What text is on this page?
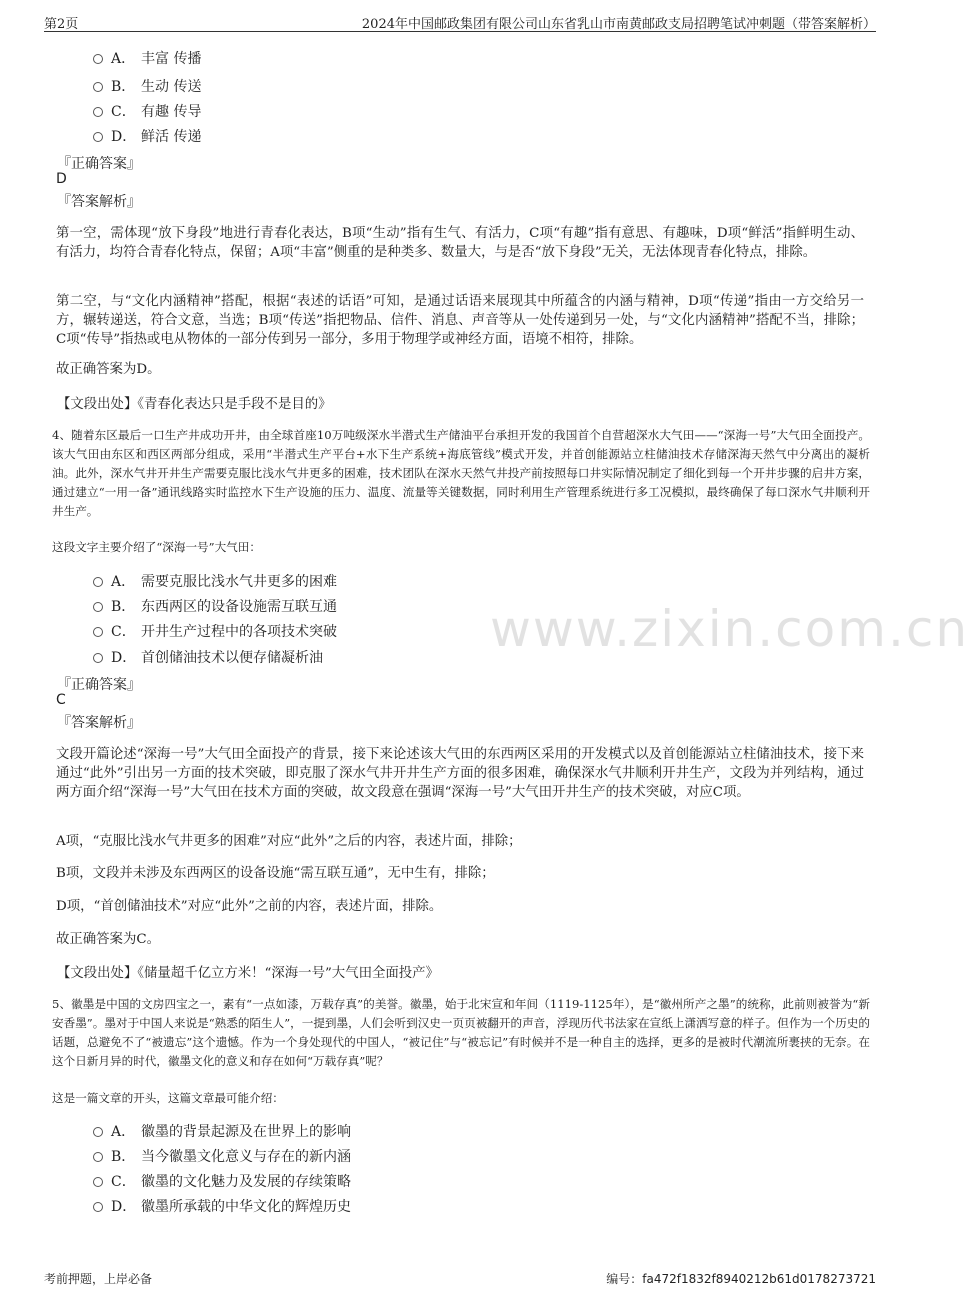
第2页	2024年中国邮政集团有限公司山东省乳山市南黄邮政支局招聘笔试冲刺题（带答案解析）
www.zixin.com.cn
A． 丰富 传播
B． 生动 传送
C． 有趣 传导
D． 鲜活 传递
『正确答案』
D
『答案解析』
第一空，需体现“放下身段”地进行青春化表达，B项“生动”指有生气、有活力，C项“有趣”指有意思、有趣味，D项“鲜活”指鲜明生动、有活力，均符合青春化特点，保留；A项“丰富”侧重的是种类多、数量大，与是否“放下身段”无关，无法体现青春化特点，排除。
第二空，与“文化内涵精神”搭配，根据“表述的话语”可知，是通过话语来展现其中所蕴含的内涵与精神，D项“传递”指由一方交给另一方，辗转递送，符合文意，当选；B项“传送”指把物品、信件、消息、声音等从一处传递到另一处，与“文化内涵精神”搭配不当，排除；C项“传导”指热或电从物体的一部分传到另一部分，多用于物理学或神经方面，语境不相符，排除。
故正确答案为D。
【文段出处】《青春化表达只是手段不是目的》
4、随着东区最后一口生产井成功开井，由全球首座10万吨级深水半潜式生产储油平台承担开发的我国首个自营超深水大气田——“深海一号”大气田全面投产。该大气田由东区和西区两部分组成，采用“半潜式生产平台+水下生产系统+海底管线”模式开发，并首创能源站立柱储油技术存储深海天然气中分离出的凝析油。此外，深水气井开井生产需要克服比浅水气井更多的困难，技术团队在深水天然气井投产前按照每口井实际情况制定了细化到每一个开井步骤的启井方案，通过建立“一用一备”通讯线路实时监控水下生产设施的压力、温度、流量等关键数据，同时利用生产管理系统进行多工况模拟，最终确保了每口深水气井顺利开井生产。
这段文字主要介绍了“深海一号”大气田：
A． 需要克服比浅水气井更多的困难
B． 东西两区的设备设施需互联互通
C． 开井生产过程中的各项技术突破
D． 首创储油技术以便存储凝析油
『正确答案』
C
『答案解析』
文段开篇论述“深海一号”大气田全面投产的背景，接下来论述该大气田的东西两区采用的开发模式以及首创能源站立柱储油技术，接下来通过“此外”引出另一方面的技术突破，即克服了深水气井开井生产方面的很多困难，确保深水气井顺利开井生产，文段为并列结构，通过两方面介绍“深海一号”大气田在技术方面的突破，故文段意在强调“深海一号”大气田开井生产的技术突破，对应C项。
A项，“克服比浅水气井更多的困难”对应“此外”之后的内容，表述片面，排除；
B项，文段并未涉及东西两区的设备设施“需互联互通”，无中生有，排除；
D项，“首创储油技术”对应“此外”之前的内容，表述片面，排除。
故正确答案为C。
【文段出处】《储量超千亿立方米！“深海一号”大气田全面投产》
5、徽墨是中国的文房四宝之一，素有“一点如漆，万载存真”的美誉。徽墨，始于北宋宣和年间（1119-1125年），是“徽州所产之墨”的统称，此前则被誉为“新安香墨”。墨对于中国人来说是“熟悉的陌生人”，一提到墨，人们会听到汉史一页页被翻开的声音，浮现历代书法家在宣纸上潇洒写意的样子。但作为一个历史的话题，总避免不了“被遗忘”这个遗憾。作为一个身处现代的中国人，“被记住”与“被忘记”有时候并不是一种自主的选择，更多的是被时代潮流所裹挟的无奈。在这个日新月异的时代，徽墨文化的意义和存在如何“万载存真”呢？
这是一篇文章的开头，这篇文章最可能介绍：
A． 徽墨的背景起源及在世界上的影响
B． 当今徽墨文化意义与存在的新内涵
C． 徽墨的文化魅力及发展的存续策略
D． 徽墨所承载的中华文化的辉煌历史
考前押题，上岸必备	编号：fa472f1832f8940212b61d0178273721
